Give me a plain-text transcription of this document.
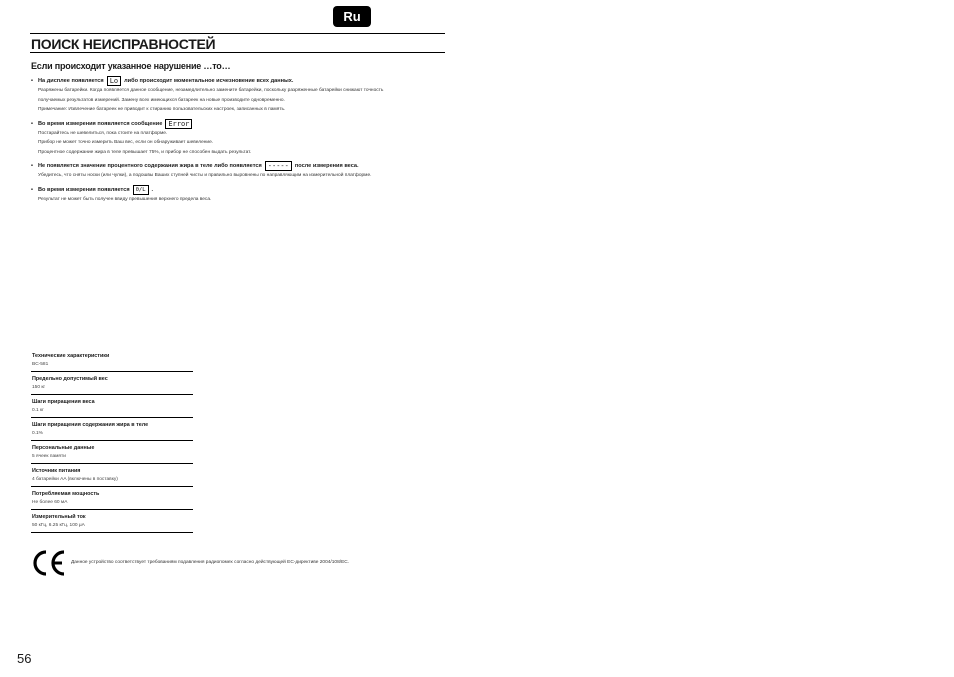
Ru
ПОИСК НЕИСПРАВНОСТЕЙ
Если происходит указанное нарушение …то…
• На дисплее появляется Lo	либо происходит моментальное исчезновение всех данных.
Разряжены батарейки. Когда появляется данное сообщение, незамедлительно замените батарейки, поскольку разряженные батарейки снижают точность
получаемых результатов измерений. Замену всех имеющихся батареек на новые производите одновременно.
Примечание: Извлечение батареек не приводит к стиранию пользовательских настроек, записанных в память.
• Во время измерения появляется сообщение Error
Постарайтесь не шевелиться, пока стоите на платформе.
Прибор не может точно измерить Ваш вес, если он обнаруживает шевеление.
Процентное содержание жира в теле превышает 75%, и прибор не способен выдать результат.
• Не появляется значение процентного содержания жира в теле либо появляется -----	после измерения веса.
Убедитесь, что сняты носки (или чулки), а подошвы Ваших ступней чисты и правильно выровнены по направляющим на измерительной платформе.
• Во время измерения появляется	0/L	.
Результат не может быть получен ввиду превышения верхнего предела веса.
Технические характеристики
BC-581
Предельно допустимый вес
150 кг
Шаги приращения веса
0.1 кг
Шаги приращения содержания жира в теле
0.1%
Персональные данные
5 ячеек памяти
Источник питания
4 батарейки AA (включены в поставку)
Потребляемая мощность
Не более 60 мА
Измерительный ток
50 кГц, 6.25 кГц, 100 μA
Данное устройство соответствует требованиям подавления радиопомех согласно действующей ЕС-директиве 2004/108/ЕС.
56
